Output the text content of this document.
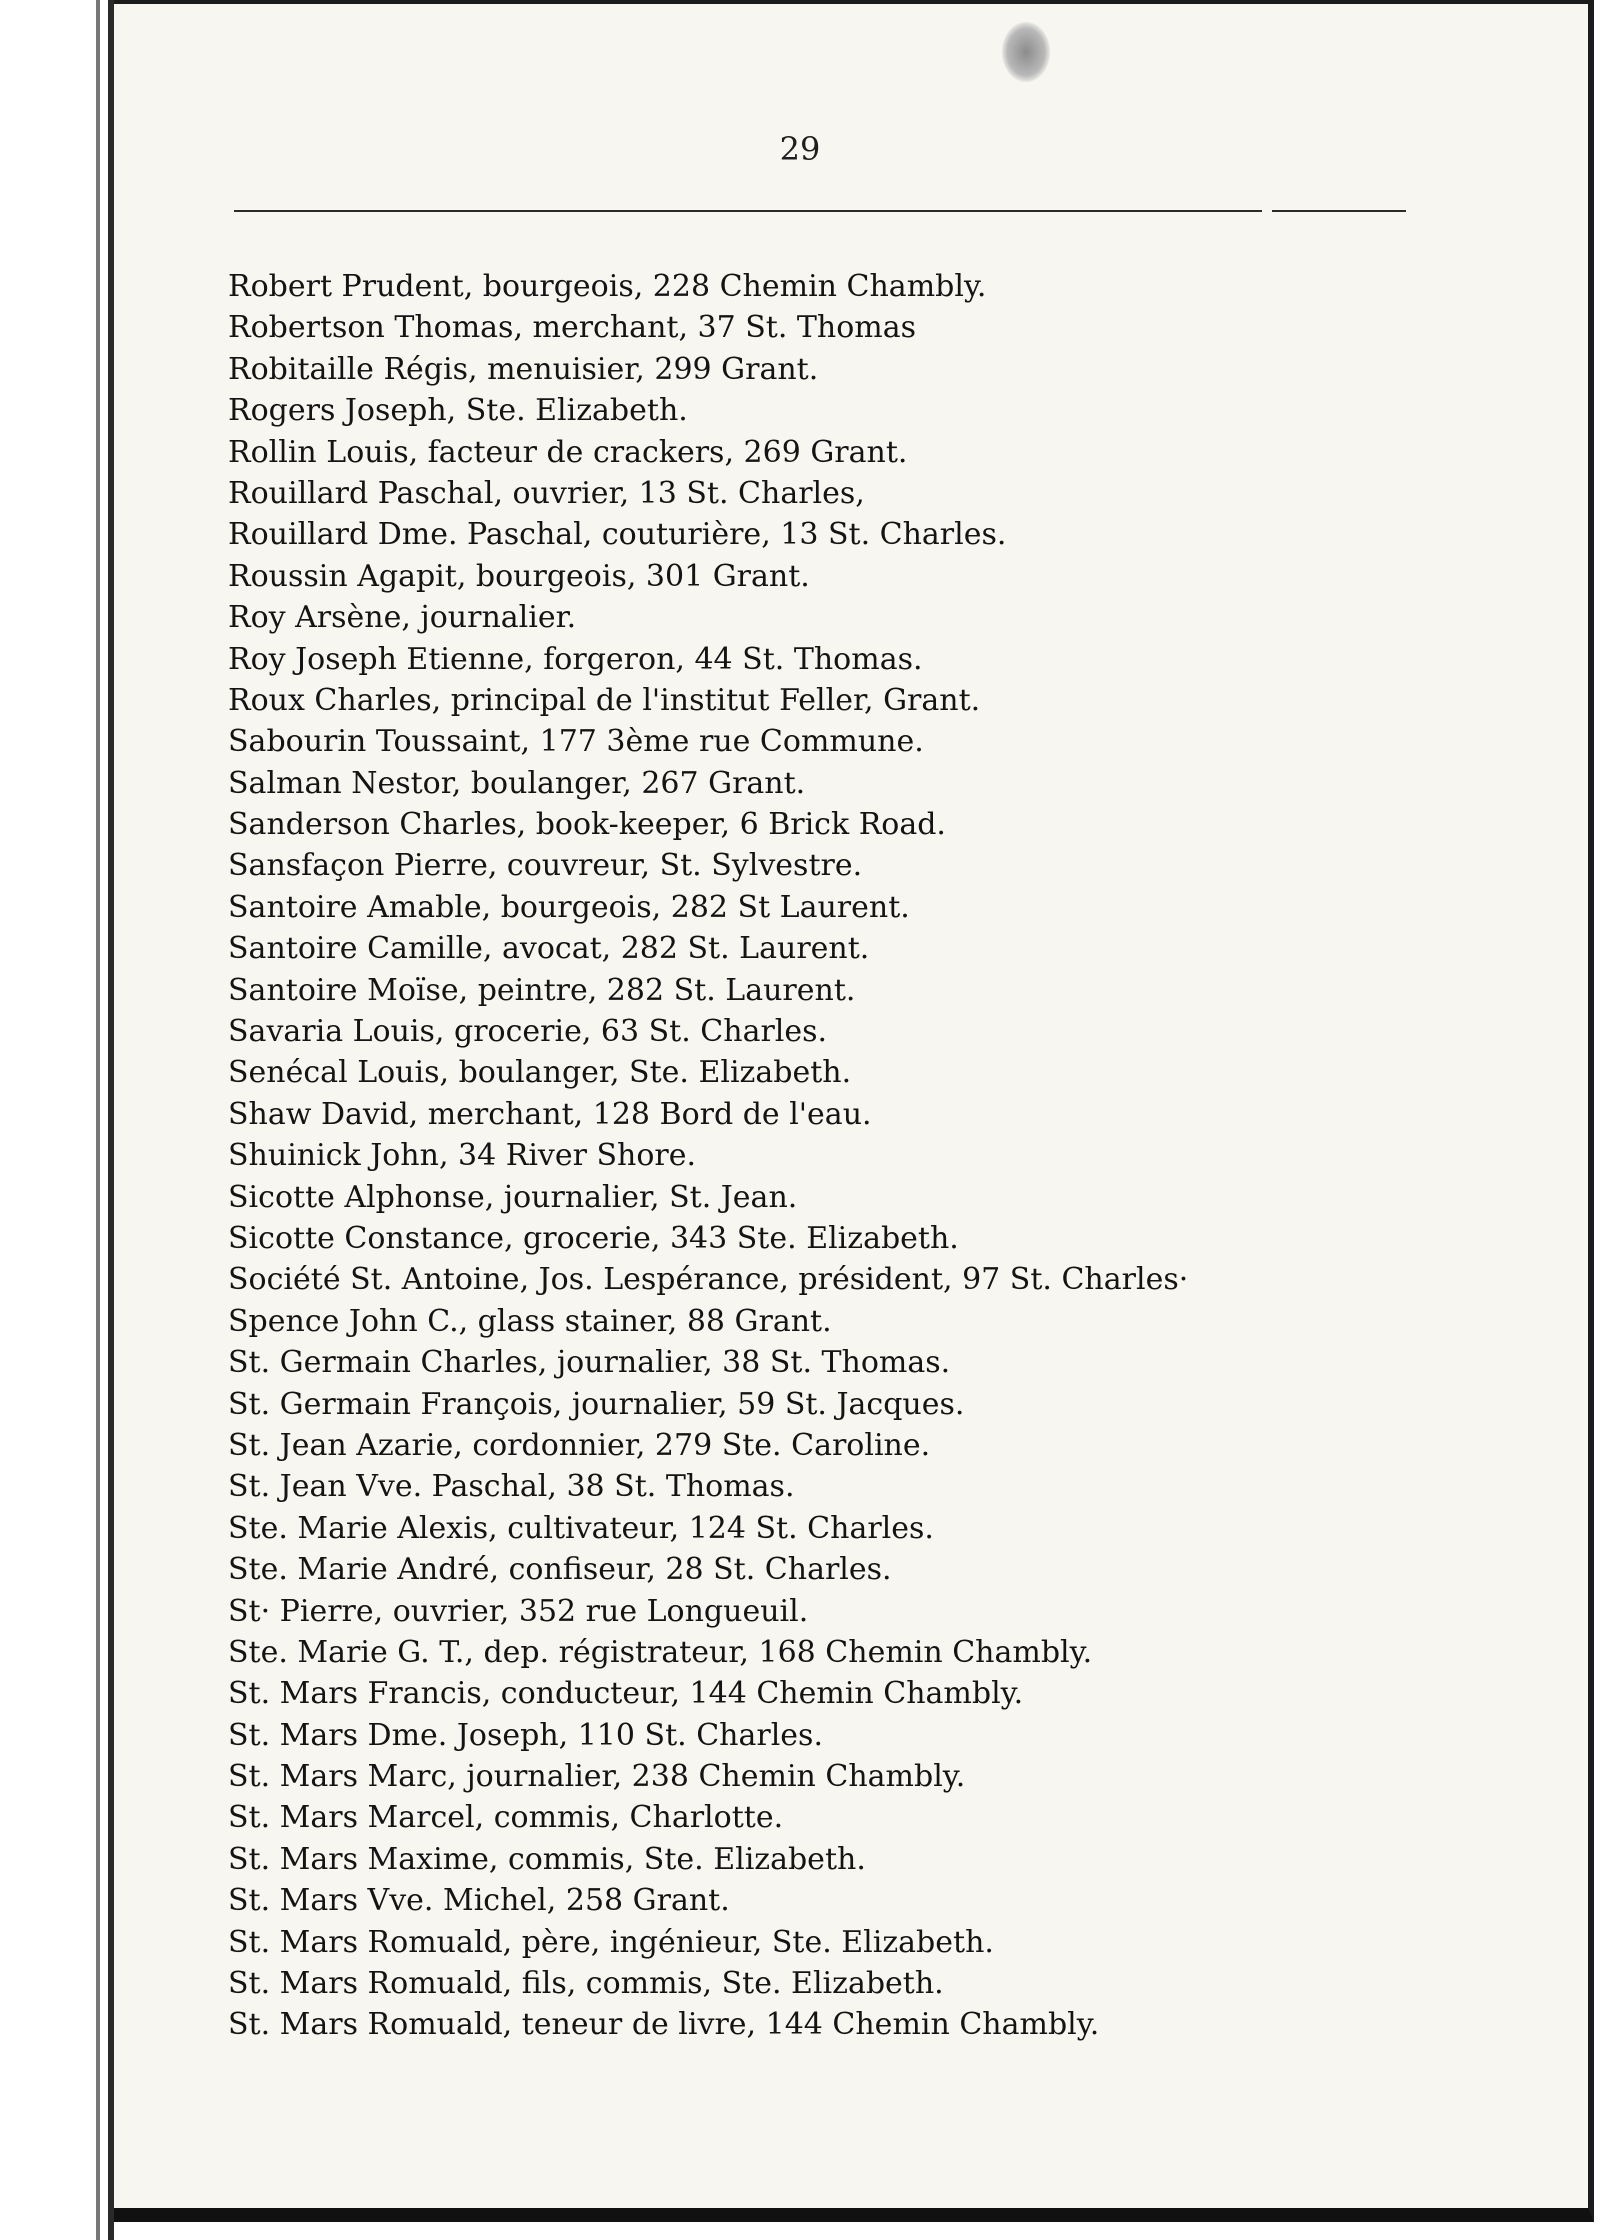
29
Robert Prudent, bourgeois, 228 Chemin Chambly.
Robertson Thomas, merchant, 37 St. Thomas
Robitaille Régis, menuisier, 299 Grant.
Rogers Joseph, Ste. Elizabeth.
Rollin Louis, facteur de crackers, 269 Grant.
Rouillard Paschal, ouvrier, 13 St. Charles,
Rouillard Dme. Paschal, couturière, 13 St. Charles.
Roussin Agapit, bourgeois, 301 Grant.
Roy Arsène, journalier.
Roy Joseph Etienne, forgeron, 44 St. Thomas.
Roux Charles, principal de l'institut Feller, Grant.
Sabourin Toussaint, 177 3ème rue Commune.
Salman Nestor, boulanger, 267 Grant.
Sanderson Charles, book-keeper, 6 Brick Road.
Sansfaçon Pierre, couvreur, St. Sylvestre.
Santoire Amable, bourgeois, 282 St Laurent.
Santoire Camille, avocat, 282 St. Laurent.
Santoire Moïse, peintre, 282 St. Laurent.
Savaria Louis, grocerie, 63 St. Charles.
Senécal Louis, boulanger, Ste. Elizabeth.
Shaw David, merchant, 128 Bord de l'eau.
Shuinick John, 34 River Shore.
Sicotte Alphonse, journalier, St. Jean.
Sicotte Constance, grocerie, 343 Ste. Elizabeth.
Société St. Antoine, Jos. Lespérance, président, 97 St. Charles·
Spence John C., glass stainer, 88 Grant.
St. Germain Charles, journalier, 38 St. Thomas.
St. Germain François, journalier, 59 St. Jacques.
St. Jean Azarie, cordonnier, 279 Ste. Caroline.
St. Jean Vve. Paschal, 38 St. Thomas.
Ste. Marie Alexis, cultivateur, 124 St. Charles.
Ste. Marie André, confiseur, 28 St. Charles.
St· Pierre, ouvrier, 352 rue Longueuil.
Ste. Marie G. T., dep. régistrateur, 168 Chemin Chambly.
St. Mars Francis, conducteur, 144 Chemin Chambly.
St. Mars Dme. Joseph, 110 St. Charles.
St. Mars Marc, journalier, 238 Chemin Chambly.
St. Mars Marcel, commis, Charlotte.
St. Mars Maxime, commis, Ste. Elizabeth.
St. Mars Vve. Michel, 258 Grant.
St. Mars Romuald, père, ingénieur, Ste. Elizabeth.
St. Mars Romuald, fils, commis, Ste. Elizabeth.
St. Mars Romuald, teneur de livre, 144 Chemin Chambly.
